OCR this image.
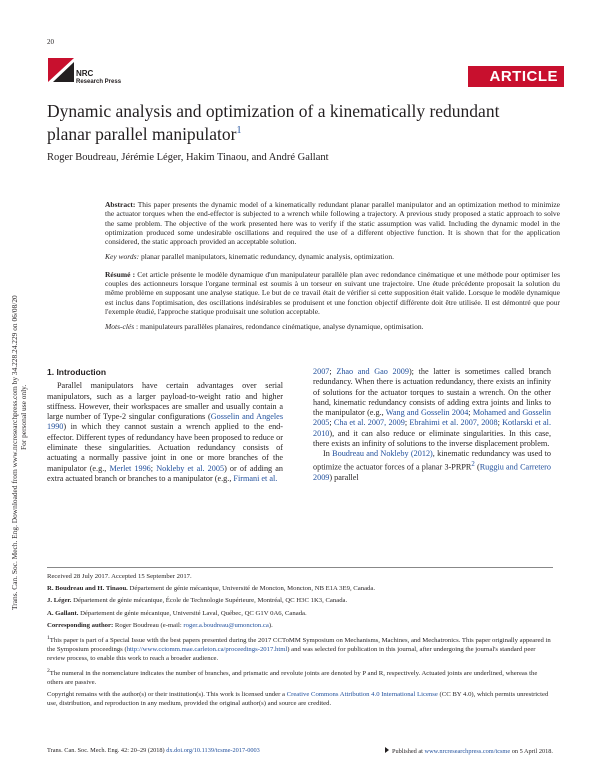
20
NRC
Research Press	ARTICLE
Dynamic analysis and optimization of a kinematically redundant planar parallel manipulator$^1$
Roger Boudreau, Jérémie Léger, Hakim Tinaou, and André Gallant
Trans. Can. Soc. Mech. Eng. Downloaded from www.nrcresearchpress.com by 34.228.24.229 on 06/08/20 For personal use only.

Abstract: This paper presents the dynamic model of a kinematically redundant planar parallel manipulator and an optimization method to minimize the actuator torques when the end-effector is subjected to a wrench while following a trajectory. A previous study proposed a static approach to solve the same problem. The objective of the work presented here was to verify if the static assumption was valid. Including the dynamic model in the optimization produced some undesirable oscillations and required the use of a different objective function. It is shown that for the application considered, the static approach provided an acceptable solution.

Key words: planar parallel manipulators, kinematic redundancy, dynamic analysis, optimization.

Résumé : Cet article présente le modèle dynamique d'un manipulateur parallèle plan avec redondance cinématique et une méthode pour optimiser les couples des actionneurs lorsque l'organe terminal est soumis à un torseur en suivant une trajectoire. Une étude précédente proposait la solution du même problème en supposant une analyse statique. Le but de ce travail était de vérifier si cette supposition était valide. Lorsque le modèle dynamique est inclus dans l'optimisation, des oscillations indésirables se produisent et une fonction objectif différente doit être utilisée. Il est démontré que pour l'exemple étudié, l'approche statique produisait une solution acceptable.

Mots-clés : manipulateurs parallèles planaires, redondance cinématique, analyse dynamique, optimisation.

1. Introduction

Parallel manipulators have certain advantages over serial manipulators, such as a larger payload-to-weight ratio and higher stiffness. However, their workspaces are smaller and usually contain a large number of Type-2 singular configurations (Gosselin and Angeles 1990) in which they cannot sustain a wrench applied to the end-effector. Different types of redundancy have been proposed to reduce or eliminate these singularities. Actuation redundancy consists of actuating a normally passive joint in one or more branches of the manipulator (e.g., Merlet 1996; Nokleby et al. 2005) or of adding an extra actuated branch or branches to a manipulator (e.g., Firmani et al.

2007; Zhao and Gao 2009); the latter is sometimes called branch redundancy. When there is actuation redundancy, there exists an infinity of solutions for the actuator torques to sustain a wrench. On the other hand, kinematic redundancy consists of adding extra joints and links to the manipulator (e.g., Wang and Gosselin 2004; Mohamed and Gosselin 2005; Cha et al. 2007, 2009; Ebrahimi et al. 2007, 2008; Kotlarski et al. 2010), and it can also reduce or eliminate singularities. In this case, there exists an infinity of solutions to the inverse displacement problem.

In Boudreau and Nokleby (2012), kinematic redundancy was used to optimize the actuator forces of a planar 3-PRPR$^2$ (Ruggiu and Carretero 2009) parallel

Received 28 July 2017. Accepted 15 September 2017.

R. Boudreau and H. Tinaou. Département de génie mécanique, Université de Moncton, Moncton, NB E1A 3E9, Canada.

J. Léger. Département de génie mécanique, École de Technologie Supérieure, Montréal, QC H3C 1K3, Canada.

A. Gallant. Département de génie mécanique, Université Laval, Québec, QC G1V 0A6, Canada.

Corresponding author: Roger Boudreau (e-mail: roger.a.boudreau@umoncton.ca).

$^1$This paper is part of a Special Issue with the best papers presented during the 2017 CCToMM Symposium on Mechanisms, Machines, and Mechatronics. This paper originally appeared in the Symposium proceedings (http://www.cctomm.mae.carleton.ca/proceedings-2017.html) and was selected for publication in this journal, after undergoing the journal's standard peer review process, to enable this work to reach a broader audience.

$^2$The numeral in the nomenclature indicates the number of branches, and prismatic and revolute joints are denoted by P and R, respectively. Actuated joints are underlined, whereas the others are passive.

Copyright remains with the author(s) or their institution(s). This work is licensed under a Creative Commons Attribution 4.0 International License (CC BY 4.0), which permits unrestricted use, distribution, and reproduction in any medium, provided the original author(s) and source are credited.

Trans. Can. Soc. Mech. Eng. 42: 20–29 (2018) dx.doi.org/10.1139/tcsme-2017-0003	Published at www.nrcresearchpress.com/tcsme on 5 April 2018.
